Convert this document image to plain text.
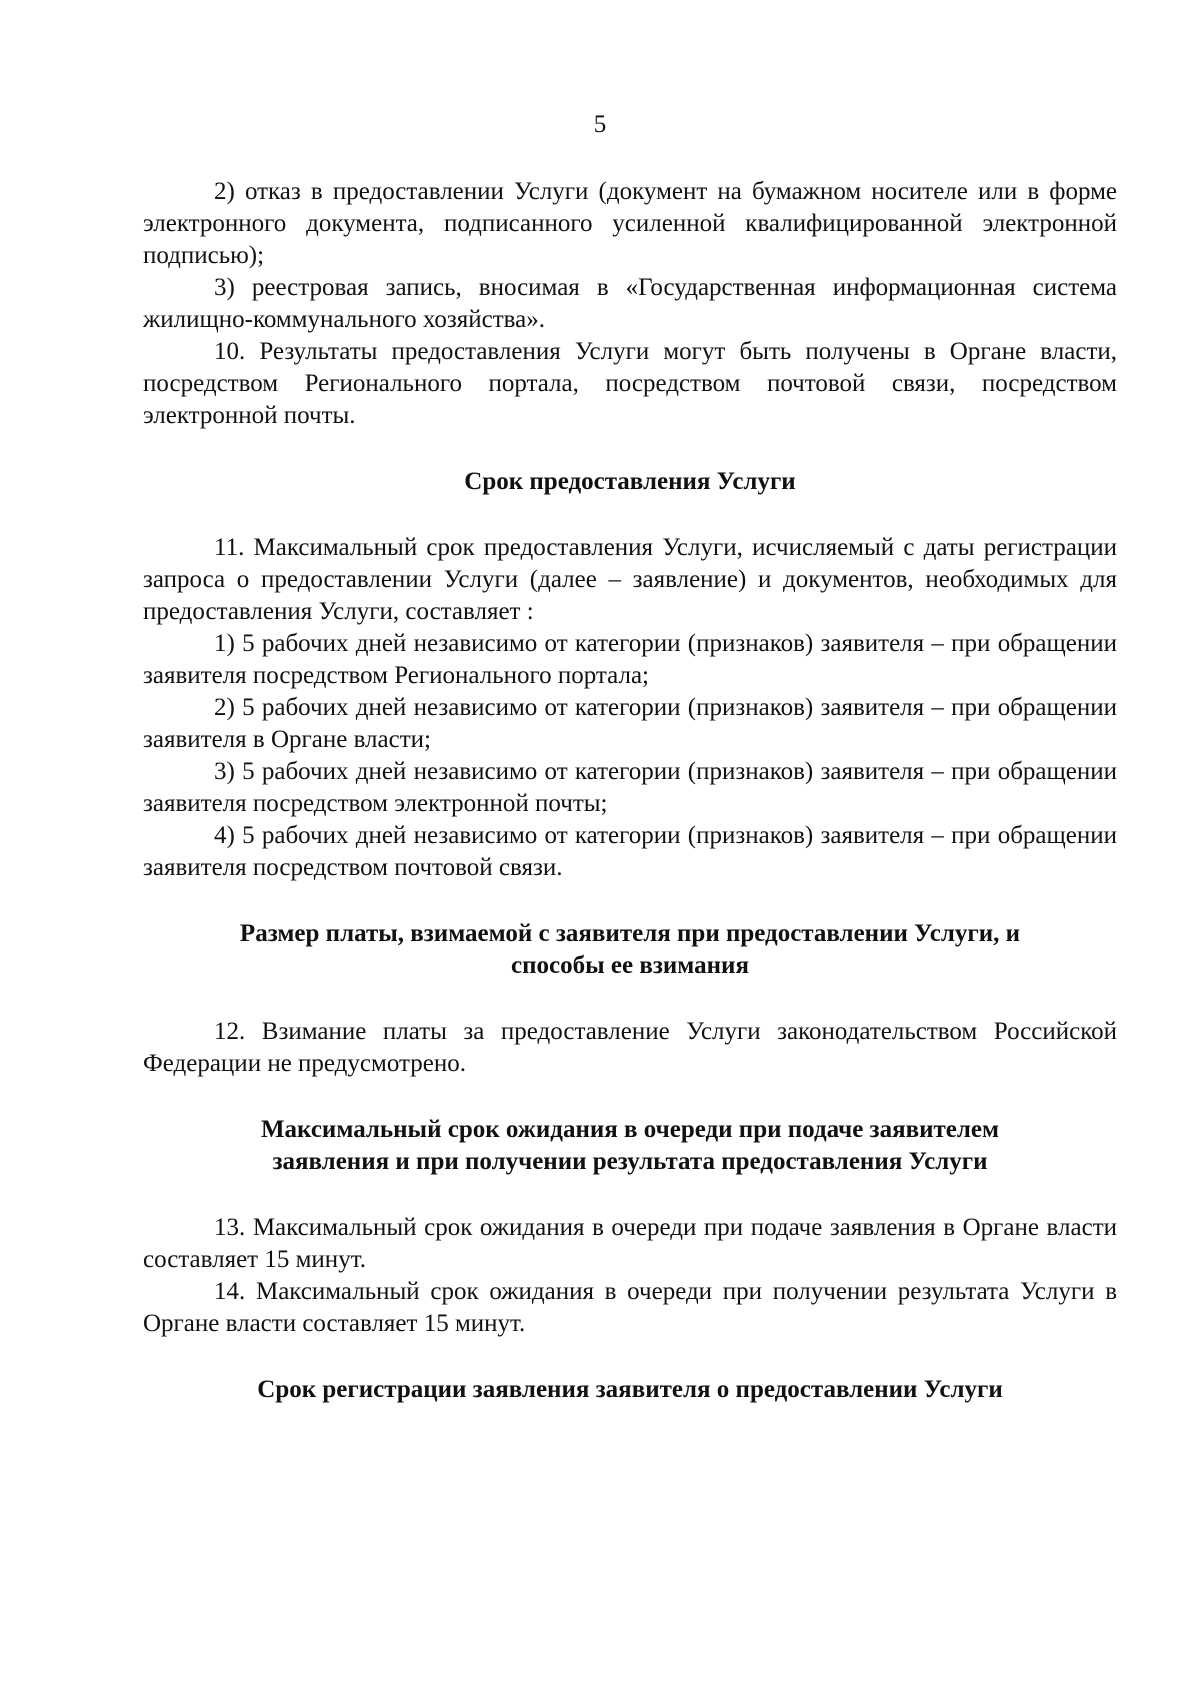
5

2) отказ в предоставлении Услуги (документ на бумажном носителе или в форме электронного документа, подписанного усиленной квалифицированной электронной подписью);

3) реестровая запись, вносимая в «Государственная информационная система жилищно-коммунального хозяйства».

10. Результаты предоставления Услуги могут быть получены в Органе власти, посредством Регионального портала, посредством почтовой связи, посредством электронной почты.

Срок предоставления Услуги

11. Максимальный срок предоставления Услуги, исчисляемый с даты регистрации запроса о предоставлении Услуги (далее – заявление) и документов, необходимых для предоставления Услуги, составляет :

1) 5 рабочих дней независимо от категории (признаков) заявителя – при обращении заявителя посредством Регионального портала;

2) 5 рабочих дней независимо от категории (признаков) заявителя – при обращении заявителя в Органе власти;

3) 5 рабочих дней независимо от категории (признаков) заявителя – при обращении заявителя посредством электронной почты;

4) 5 рабочих дней независимо от категории (признаков) заявителя – при обращении заявителя посредством почтовой связи.

Размер платы, взимаемой с заявителя при предоставлении Услуги, и
способы ее взимания

12. Взимание платы за предоставление Услуги законодательством Российской Федерации не предусмотрено.

Максимальный срок ожидания в очереди при подаче заявителем
заявления и при получении результата предоставления Услуги

13. Максимальный срок ожидания в очереди при подаче заявления в Органе власти составляет 15 минут.

14. Максимальный срок ожидания в очереди при получении результата Услуги в Органе власти составляет 15 минут.

Срок регистрации заявления заявителя о предоставлении Услуги
